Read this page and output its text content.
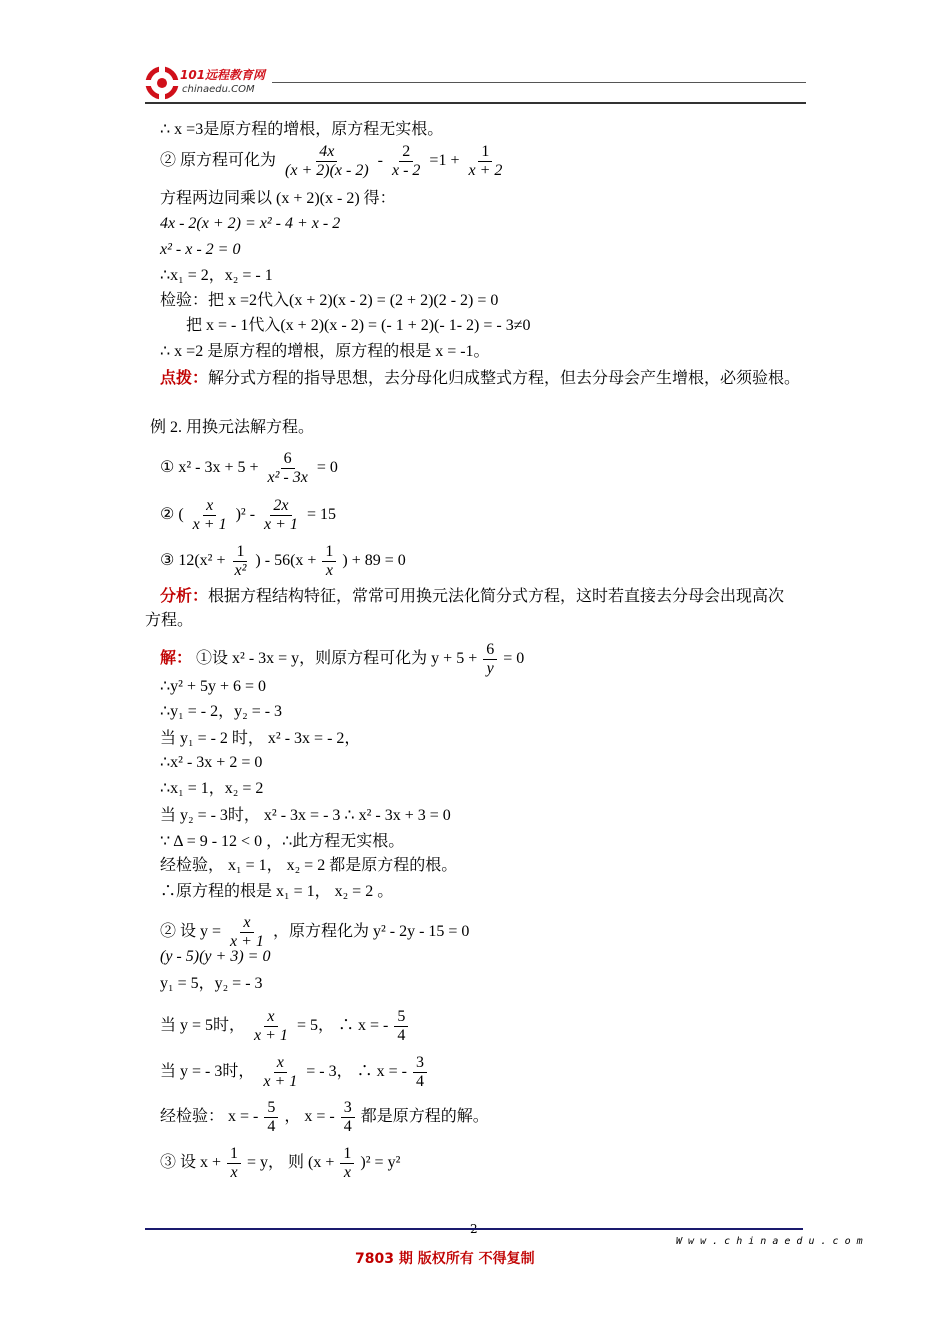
101远程教育网
chinaedu.COM
∴ x =3是原方程的增根，原方程无实根。
② 原方程可化为 $\frac{4x}{(x + 2)(x - 2)} - \frac{2}{x - 2} =1 + \frac{1}{x + 2}$
方程两边同乘以 (x + 2)(x - 2) 得：
4x - 2(x + 2) = x² - 4 + x - 2
x² - x - 2 = 0
∴x₁ = 2，x₂ = - 1
检验：把 x =2代入(x + 2)(x - 2) = (2 + 2)(2 - 2) = 0
把 x = - 1代入(x + 2)(x - 2) = (- 1 + 2)(- 1- 2) = - 3≠0
∴ x =2 是原方程的增根，原方程的根是 x = -1。
点拨：解分式方程的指导思想，去分母化归成整式方程，但去分母会产生增根，必须验根。
例 2. 用换元法解方程。
① $x^2 - 3x + 5 + \frac{6}{\text{x² - 3x}} = 0$
② ( $\frac{x}{x + 1} )^2 - \frac{2x}{x + 1} = 15$
③ $12(x^2 + \frac{1}{\text{x²}}$ ) - $56(x + \frac{1}{x}$ ) + 89 = 0
分析：根据方程结构特征，常常可用换元法化简分式方程，这时若直接去分母会出现高次
方程。
解： ①设 x² - 3x = y，则原方程可化为 $y + 5 + \frac{6}{y} = 0$
∴y² + 5y + 6 = 0
∴y₁ = - 2，y₂ = - 3
当 y₁ = - 2 时， x² - 3x = - 2，
∴x² - 3x + 2 = 0
∴x₁ = 1，x₂ = 2
当 y₂ = - 3时， x² - 3x = - 3 ∴ x² - 3x + 3 = 0
∵ Δ = 9 - 12 < 0 ，∴此方程无实根。
经检验， x₁ = 1， x₂ = 2 都是原方程的根。
∴原方程的根是 x₁ = 1， x₂ = 2 。
② 设 $y = \frac{x}{x + 1}$ ，原方程化为 y² - 2y - 15 = 0
(y - 5)(y + 3) = 0
y₁ = 5，y₂ = - 3
当 y = 5时， $\frac{x}{x + 1} = 5$， ∴ x = - $\frac{5}{4}$
当 y = - 3时， $\frac{x}{x + 1}$ = - 3， ∴ x = - $\frac{3}{4}$
经检验： x = - $\frac{5}{4}$ ， x = - $\frac{3}{4}$ 都是原方程的解。
③ 设 $x + \frac{1}{x} = y$， 则 $(x + \frac{1}{x} )^2 = y^2$
W w w . c h i n a e d u . c o m
7803 期 版权所有 不得复制
